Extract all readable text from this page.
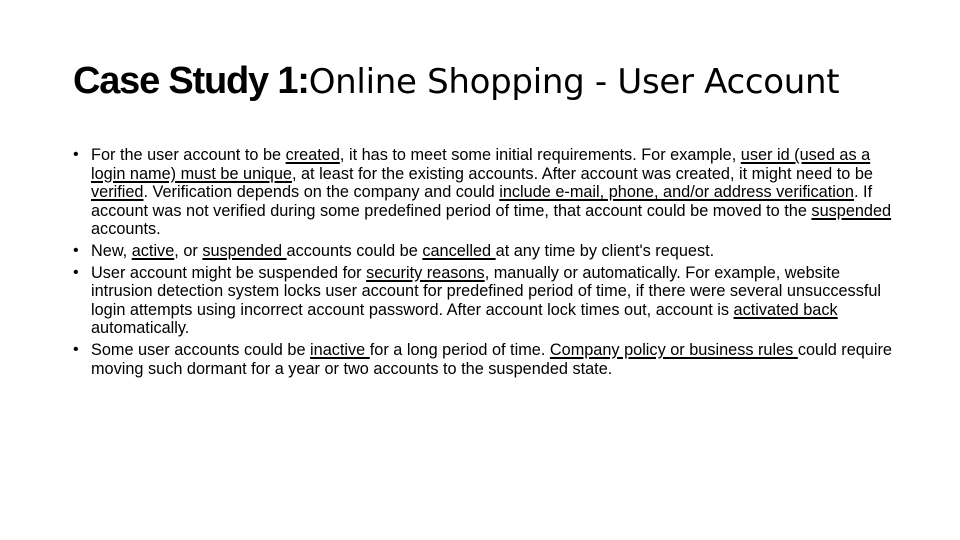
Case Study 1:Online Shopping - User Account
• For the user account to be created, it has to meet some initial requirements. For example, user id (used as a login name) must be unique, at least for the existing accounts. After account was created, it might need to be verified. Verification depends on the company and could include e-mail, phone, and/or address verification. If account was not verified during some predefined period of time, that account could be moved to the suspended accounts.
• New, active, or suspended accounts could be cancelled at any time by client's request.
• User account might be suspended for security reasons, manually or automatically. For example, website intrusion detection system locks user account for predefined period of time, if there were several unsuccessful login attempts using incorrect account password. After account lock times out, account is activated back automatically.
• Some user accounts could be inactive for a long period of time. Company policy or business rules could require moving such dormant for a year or two accounts to the suspended state.
